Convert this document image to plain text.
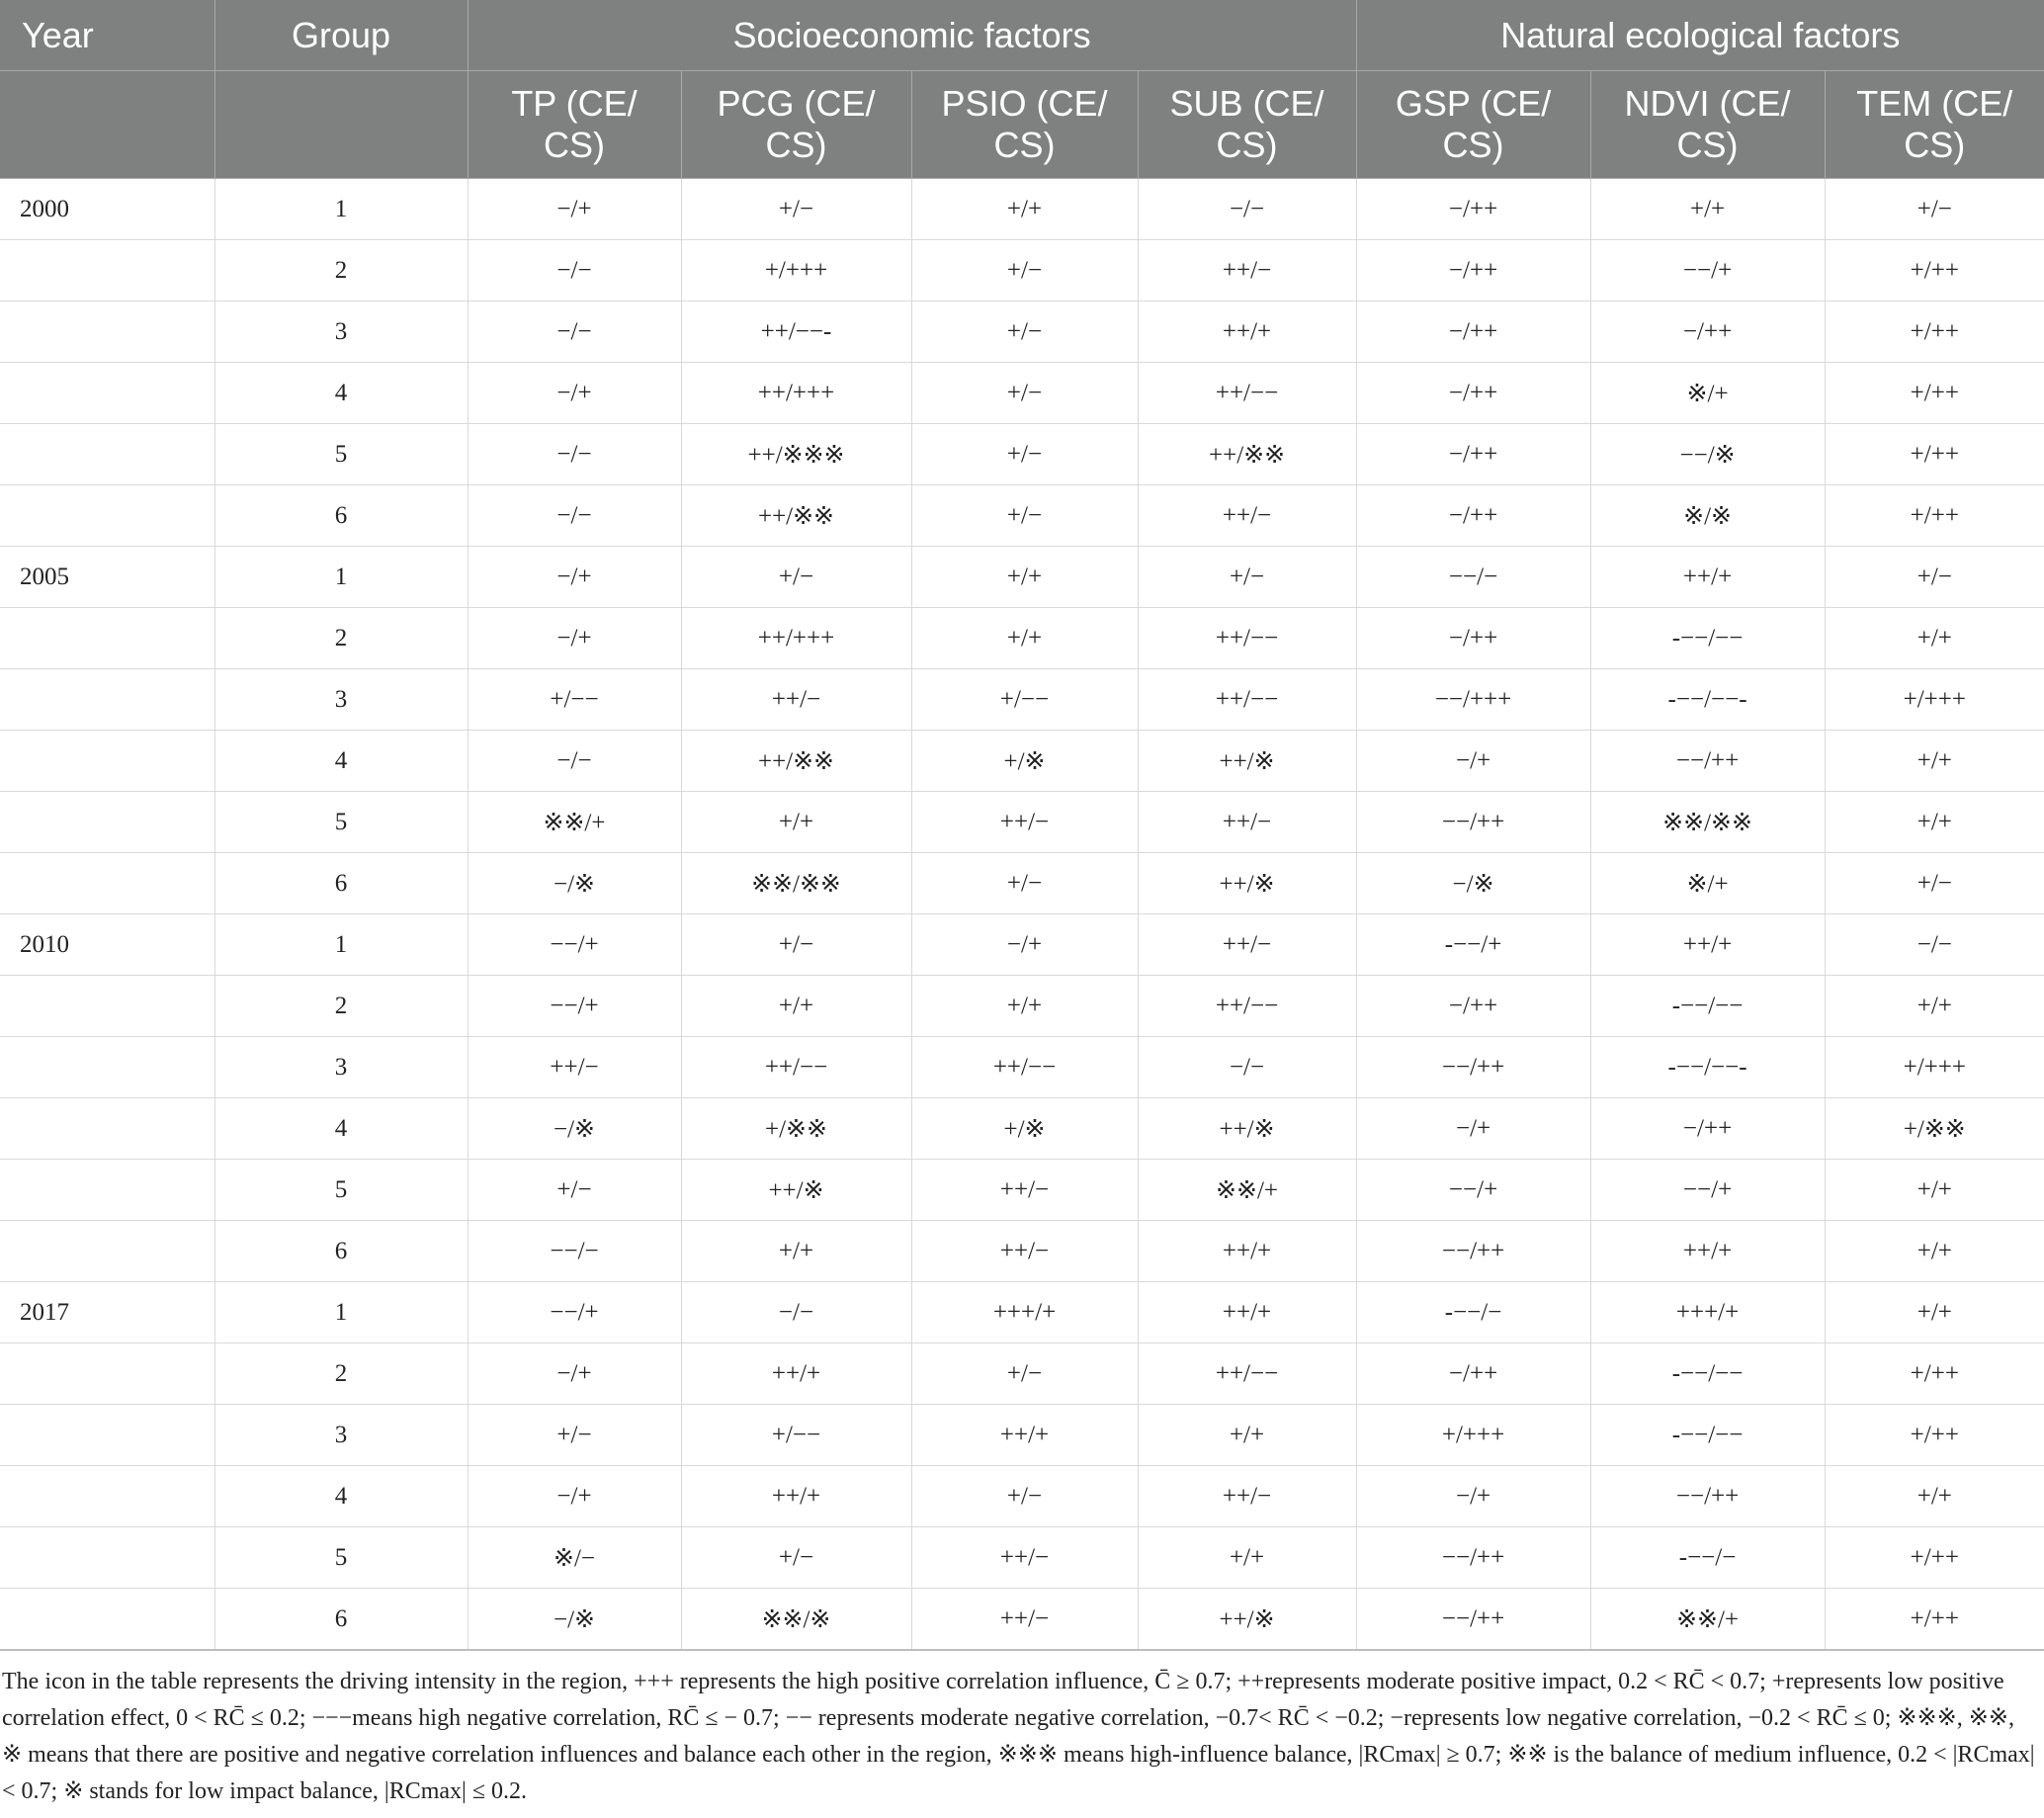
Year	Group	Socioeconomic factors				Natural ecological factors		
		TP (CE/ CS)	PCG (CE/ CS)	PSIO (CE/ CS)	SUB (CE/ CS)	GSP (CE/ CS)	NDVI (CE/ CS)	TEM (CE/ CS)
2000	1	−/+	+/−	+/+	−/−	−/++	+/+	+/−
	2	−/−	+/+++	+/−	++/−	−/++	−−/+	+/++
	3	−/−	++/−−-	+/−	++/+	−/++	−/++	+/++
	4	−/+	++/+++	+/−	++/−−	−/++	※/+	+/++
	5	−/−	++/※※※	+/−	++/※※	−/++	−−/※	+/++
	6	−/−	++/※※	+/−	++/−	−/++	※/※	+/++
2005	1	−/+	+/−	+/+	+/−	−−/−	++/+	+/−
	2	−/+	++/+++	+/+	++/−−	−/++	-−−/−−	+/+
	3	+/−−	++/−	+/−−	++/−−	−−/+++	-−−/−−-	+/+++
	4	−/−	++/※※	+/※	++/※	−/+	−−/++	+/+
	5	※※/+	+/+	++/−	++/−	−−/++	※※/※※	+/+
	6	−/※	※※/※※	+/−	++/※	−/※	※/+	+/−
2010	1	−−/+	+/−	−/+	++/−	-−−/+	++/+	−/−
	2	−−/+	+/+	+/+	++/−−	−/++	-−−/−−	+/+
	3	++/−	++/−−	++/−−	−/−	−−/++	-−−/−−-	+/+++
	4	−/※	+/※※	+/※	++/※	−/+	−/++	+/※※
	5	+/−	++/※	++/−	※※/+	−−/+	−−/+	+/+
	6	−−/−	+/+	++/−	++/+	−−/++	++/+	+/+
2017	1	−−/+	−/−	+++/+	++/+	-−−/−	+++/+	+/+
	2	−/+	++/+	+/−	++/−−	−/++	-−−/−−	+/++
	3	+/−	+/−−	++/+	+/+	+/+++	-−−/−−	+/++
	4	−/+	++/+	+/−	++/−	−/+	−−/++	+/+
	5	※/−	+/−	++/−	+/+	−−/++	-−−/−	+/++
	6	−/※	※※/※	++/−	++/※	−−/++	※※/+	+/++

The icon in the table represents the driving intensity in the region, +++ represents the high positive correlation influence, C̄ ≥ 0.7; ++represents moderate positive impact, 0.2 < RC̄ < 0.7; +represents low positive correlation effect, 0 < RC̄ ≤ 0.2; −−−means high negative correlation, RC̄ ≤ − 0.7; −− represents moderate negative correlation, −0.7< RC̄ < −0.2; −represents low negative correlation, −0.2 < RC̄ ≤ 0; ※※※, ※※, ※ means that there are positive and negative correlation influences and balance each other in the region, ※※※ means high-influence balance, |RCmax| ≥ 0.7; ※※ is the balance of medium influence, 0.2 < |RCmax| < 0.7; ※ stands for low impact balance, |RCmax| ≤ 0.2.
